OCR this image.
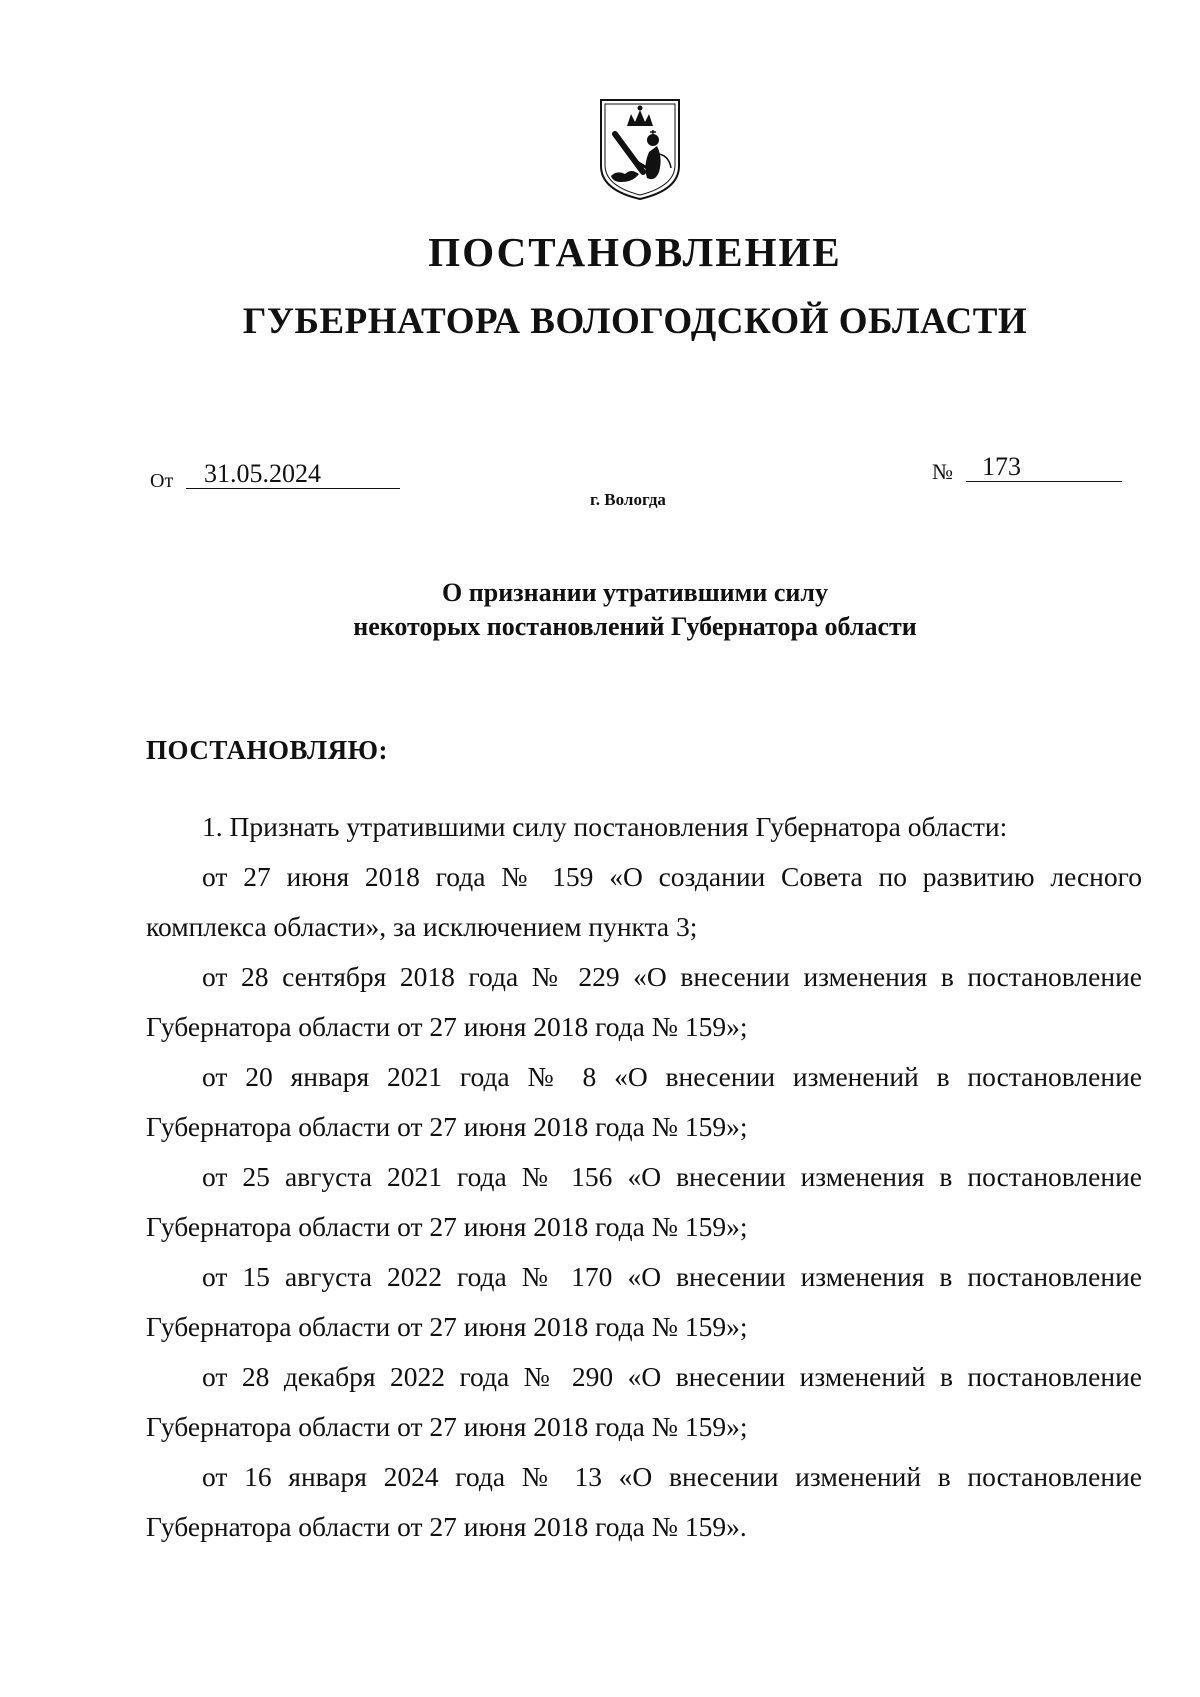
ПОСТАНОВЛЕНИЕ
ГУБЕРНАТОРА ВОЛОГОДСКОЙ ОБЛАСТИ
От	31.05.2024	№	173
г. Вологда
О признании утратившими силу
некоторых постановлений Губернатора области
ПОСТАНОВЛЯЮ:

1. Признать утратившими силу постановления Губернатора области:

от 27 июня 2018 года № 159 «О создании Совета по развитию лесного комплекса области», за исключением пункта 3;

от 28 сентября 2018 года № 229 «О внесении изменения в постановление Губернатора области от 27 июня 2018 года № 159»;

от 20 января 2021 года № 8 «О внесении изменений в постановление Губернатора области от 27 июня 2018 года № 159»;

от 25 августа 2021 года № 156 «О внесении изменения в постановление Губернатора области от 27 июня 2018 года № 159»;

от 15 августа 2022 года № 170 «О внесении изменения в постановление Губернатора области от 27 июня 2018 года № 159»;

от 28 декабря 2022 года № 290 «О внесении изменений в постановление Губернатора области от 27 июня 2018 года № 159»;

от 16 января 2024 года № 13 «О внесении изменений в постановление Губернатора области от 27 июня 2018 года № 159».
